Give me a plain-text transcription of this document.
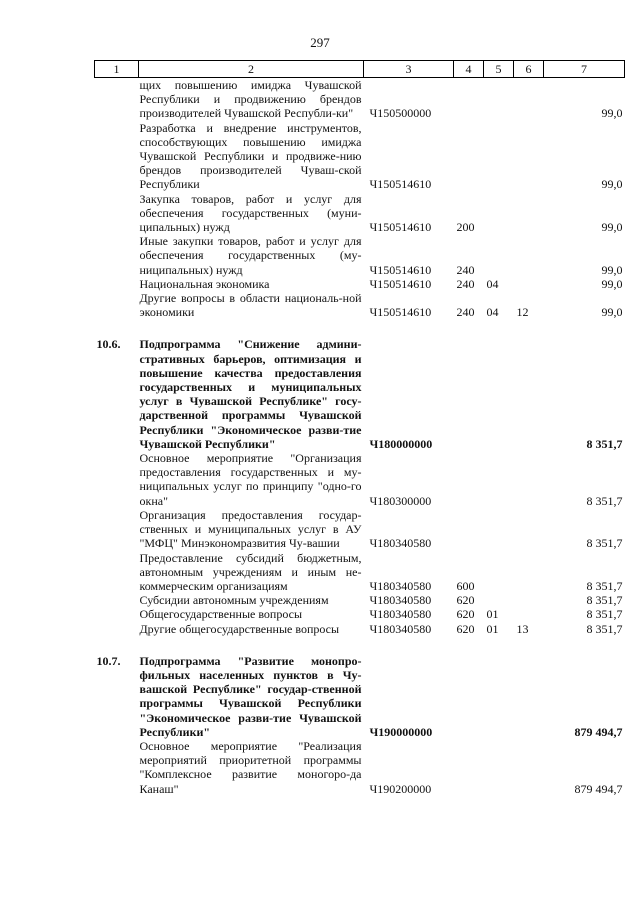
297
1	2	3	4	5	6	7
	щих повышению имиджа Чувашской Республики и продвижению брендов производителей Чувашской Республи-ки"	Ч150500000				99,0
	Разработка и внедрение инструментов, способствующих повышению имиджа Чувашской Республики и продвиже-нию брендов производителей Чуваш-ской Республики	Ч150514610				99,0
	Закупка товаров, работ и услуг для обеспечения государственных (муни-ципальных) нужд	Ч150514610	200			99,0
	Иные закупки товаров, работ и услуг для обеспечения государственных (му-ниципальных) нужд	Ч150514610	240			99,0
	Национальная экономика	Ч150514610	240	04		99,0
	Другие вопросы в области националь-ной экономики	Ч150514610	240	04	12	99,0

10.6.	Подпрограмма "Снижение админи-стративных барьеров, оптимизация и повышение качества предоставления государственных и муниципальных услуг в Чувашской Республике" госу-дарственной программы Чувашской Республики "Экономическое разви-тие Чувашской Республики"	Ч180000000				8 351,7
	Основное мероприятие "Организация предоставления государственных и му-ниципальных услуг по принципу "одно-го окна"	Ч180300000				8 351,7
	Организация предоставления государ-ственных и муниципальных услуг в АУ "МФЦ" Минэкономразвития Чу-вашии	Ч180340580				8 351,7
	Предоставление субсидий бюджетным, автономным учреждениям и иным не-коммерческим организациям	Ч180340580	600			8 351,7
	Субсидии автономным учреждениям	Ч180340580	620			8 351,7
	Общегосударственные вопросы	Ч180340580	620	01		8 351,7
	Другие общегосударственные вопросы	Ч180340580	620	01	13	8 351,7

10.7.	Подпрограмма "Развитие монопро-фильных населенных пунктов в Чу-вашской Республике" государ-ственной программы Чувашской Республики "Экономическое разви-тие Чувашской Республики"	Ч190000000				879 494,7
	Основное мероприятие "Реализация мероприятий приоритетной программы "Комплексное развитие моногоро-да Канаш"	Ч190200000				879 494,7
